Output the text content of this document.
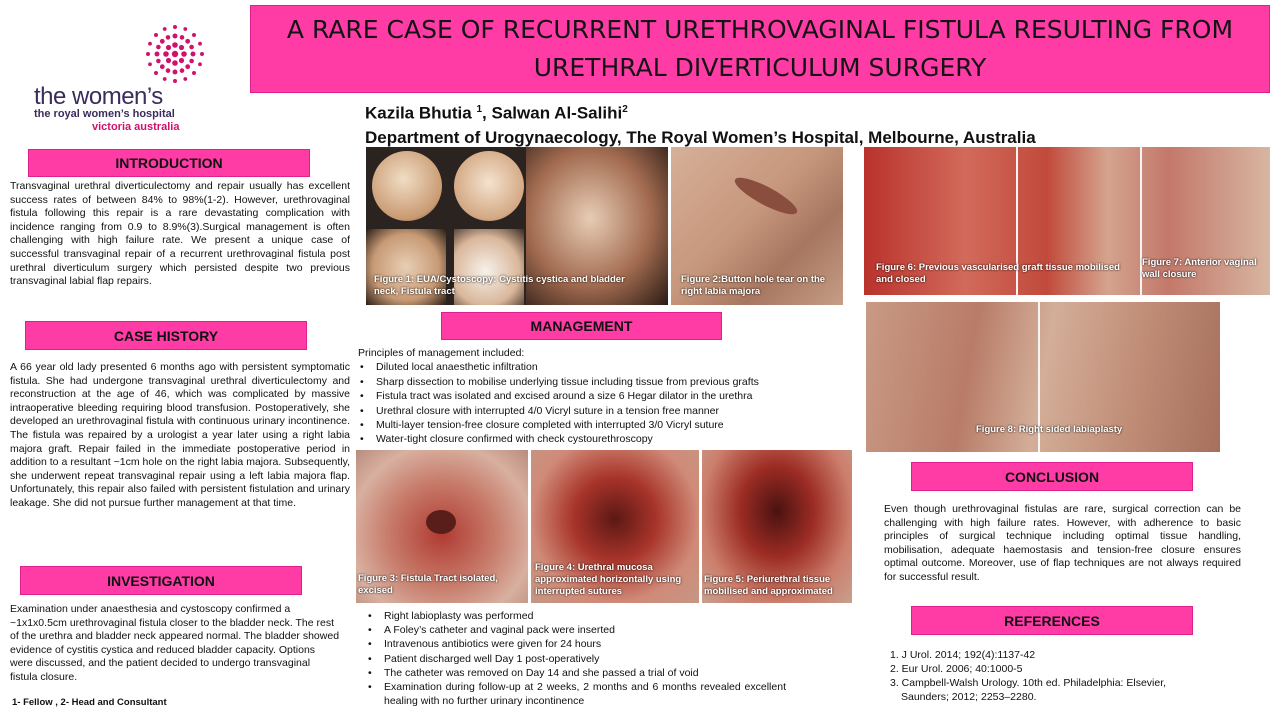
A RARE CASE OF RECURRENT URETHROVAGINAL FISTULA RESULTING FROM URETHRAL DIVERTICULUM SURGERY
the women’s
the royal women’s hospital
victoria australia
Kazila Bhutia $^1$, Salwan Al-Salihi$^2$
Department of Urogynaecology, The Royal Women’s Hospital, Melbourne, Australia
INTRODUCTION
Transvaginal urethral diverticulectomy and repair usually has excellent success rates of between 84% to 98%(1-2). However, urethrovaginal fistula following this repair is a rare devastating complication with incidence ranging from 0.9 to 8.9%(3).Surgical management is often challenging with high failure rate. We present a unique case of successful transvaginal repair of a recurrent urethrovaginal fistula post urethral diverticulum surgery which persisted despite two previous transvaginal labial flap repairs.
CASE HISTORY
A 66 year old lady presented 6 months ago with persistent symptomatic fistula. She had undergone transvaginal urethral diverticulectomy and reconstruction at the age of 46, which was complicated by massive intraoperative bleeding requiring blood transfusion. Postoperatively, she developed an urethrovaginal fistula with continuous urinary incontinence. The fistula was repaired by a urologist a year later using a right labia majora graft. Repair failed in the immediate postoperative period in addition to a resultant ~1cm hole on the right labia majora. Subsequently, she underwent repeat transvaginal repair using a left labia majora flap. Unfortunately, this repair also failed with persistent fistulation and urinary leakage. She did not pursue further management at that time.
INVESTIGATION
Examination under anaesthesia and cystoscopy confirmed a ~1x1x0.5cm urethrovaginal fistula closer to the bladder neck. The rest of the urethra and bladder neck appeared normal. The bladder showed evidence of cystitis cystica and reduced bladder capacity. Options were discussed, and the patient decided to undergo transvaginal fistula closure.
1- Fellow , 2- Head and Consultant
Figure 1: EUA/Cystoscopy: Cystitis cystica and bladder neck, Fistula tract
Figure 2:Button hole tear on the right labia majora
MANAGEMENT
Principles of management included:
• Diluted local anaesthetic infiltration
• Sharp dissection to mobilise underlying tissue including tissue from previous grafts
• Fistula tract was isolated and excised around a size 6 Hegar dilator in the urethra
• Urethral closure with interrupted 4/0 Vicryl suture in a tension free manner
• Multi-layer tension-free closure completed with interrupted 3/0 Vicryl suture
• Water-tight closure confirmed with check cystourethroscopy
Figure 3: Fistula Tract isolated, excised
Figure 4: Urethral mucosa approximated horizontally using interrupted sutures
Figure 5: Periurethral tissue mobilised and approximated
• Right labioplasty was performed
• A Foley’s catheter and vaginal pack were inserted
• Intravenous antibiotics were given for 24 hours
• Patient discharged well Day 1 post-operatively
• The catheter was removed on Day 14 and she passed a trial of void
• Examination during follow-up at 2 weeks, 2 months and 6 months revealed excellent healing with no further urinary incontinence
Figure 6: Previous vascularised graft tissue mobilised and closed
Figure 7: Anterior vaginal wall closure
Figure 8: Right sided labiaplasty
CONCLUSION
Even though urethrovaginal fistulas are rare, surgical correction can be challenging with high failure rates. However, with adherence to basic principles of surgical technique including optimal tissue handling, mobilisation, adequate haemostasis and tension-free closure ensures optimal outcome. Moreover, use of flap techniques are not always required for successful result.
REFERENCES
1. J Urol. 2014; 192(4):1137-42
2. Eur Urol. 2006; 40:1000-5
3. Campbell-Walsh Urology. 10th ed. Philadelphia: Elsevier,
Saunders; 2012; 2253–2280.
